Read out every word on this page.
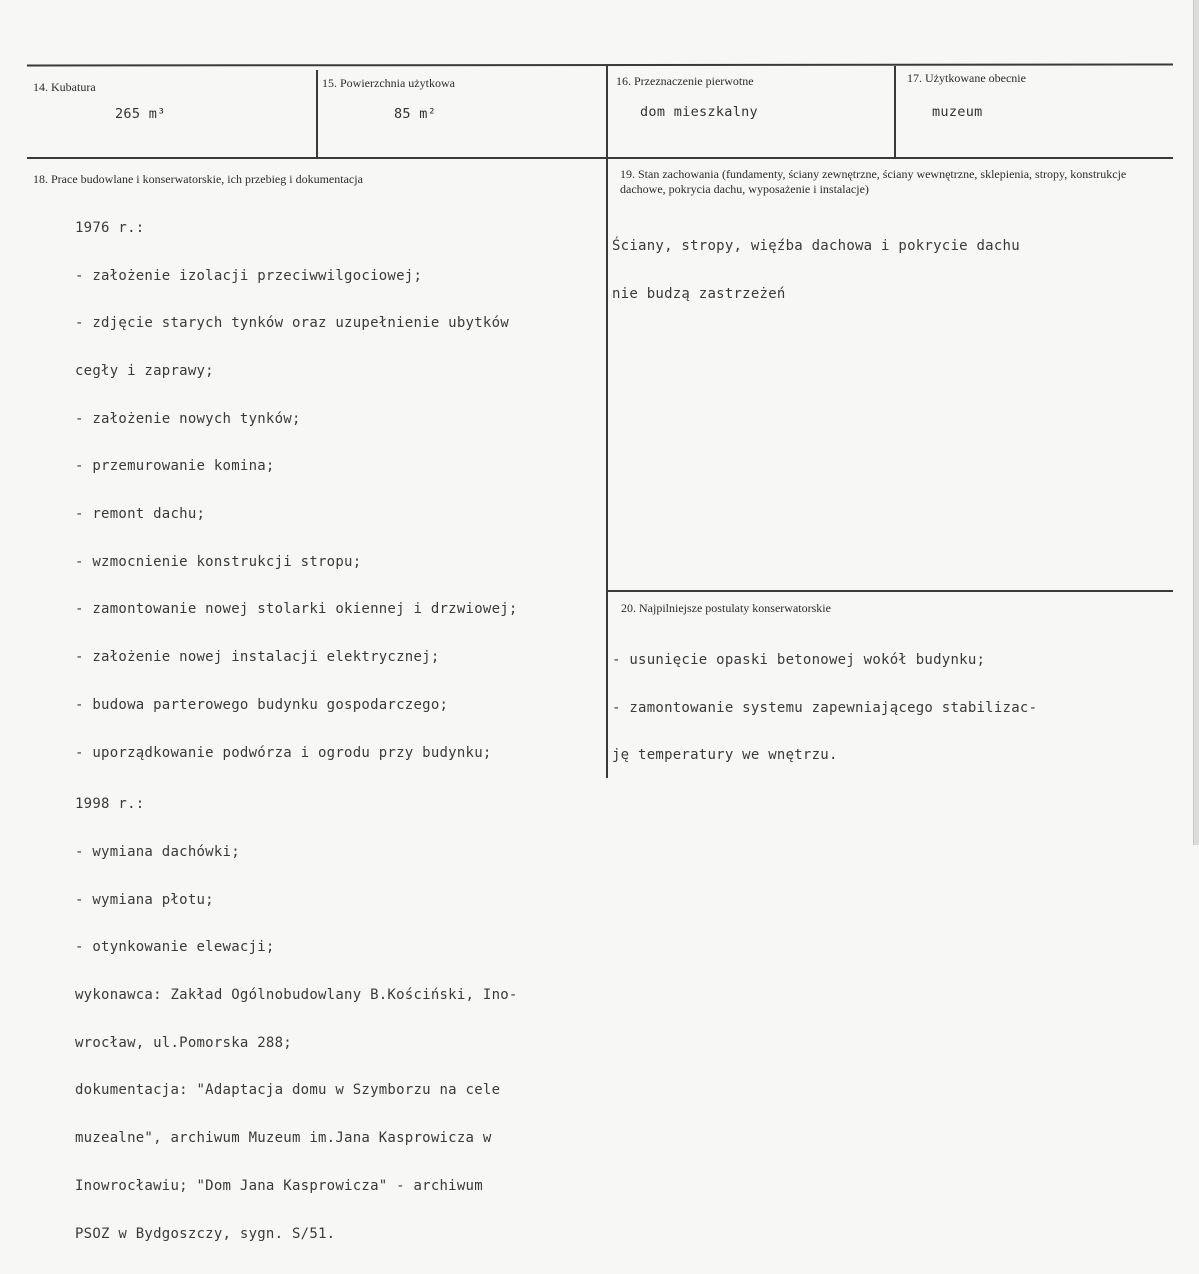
14. Kubatura
265 m³
15. Powierzchnia użytkowa
85 m²
16. Przeznaczenie pierwotne
dom mieszkalny
17. Użytkowane obecnie
muzeum
18. Prace budowlane i konserwatorskie, ich przebieg i dokumentacja

1976 r.:

- założenie izolacji przeciwwilgociowej;

- zdjęcie starych tynków oraz uzupełnienie ubytków

cegły i zaprawy;

- założenie nowych tynków;

- przemurowanie komina;

- remont dachu;

- wzmocnienie konstrukcji stropu;

- zamontowanie nowej stolarki okiennej i drzwiowej;

- założenie nowej instalacji elektrycznej;

- budowa parterowego budynku gospodarczego;

- uporządkowanie podwórza i ogrodu przy budynku;

1998 r.:

- wymiana dachówki;

- wymiana płotu;

- otynkowanie elewacji;

wykonawca: Zakład Ogólnobudowlany B.Kościński, Ino-

wrocław, ul.Pomorska 288;

dokumentacja: "Adaptacja domu w Szymborzu na cele

muzealne", archiwum Muzeum im.Jana Kasprowicza w

Inowrocławiu; "Dom Jana Kasprowicza" - archiwum

PSOZ w Bydgoszczy, sygn. S/51.

19. Stan zachowania (fundamenty, ściany zewnętrzne, ściany wewnętrzne, sklepienia, stropy, konstrukcje dachowe, pokrycia dachu, wyposażenie i instalacje)

Ściany, stropy, więźba dachowa i pokrycie dachu

nie budzą zastrzeżeń

20. Najpilniejsze postulaty konserwatorskie

- usunięcie opaski betonowej wokół budynku;

- zamontowanie systemu zapewniającego stabilizac-

ję temperatury we wnętrzu.
